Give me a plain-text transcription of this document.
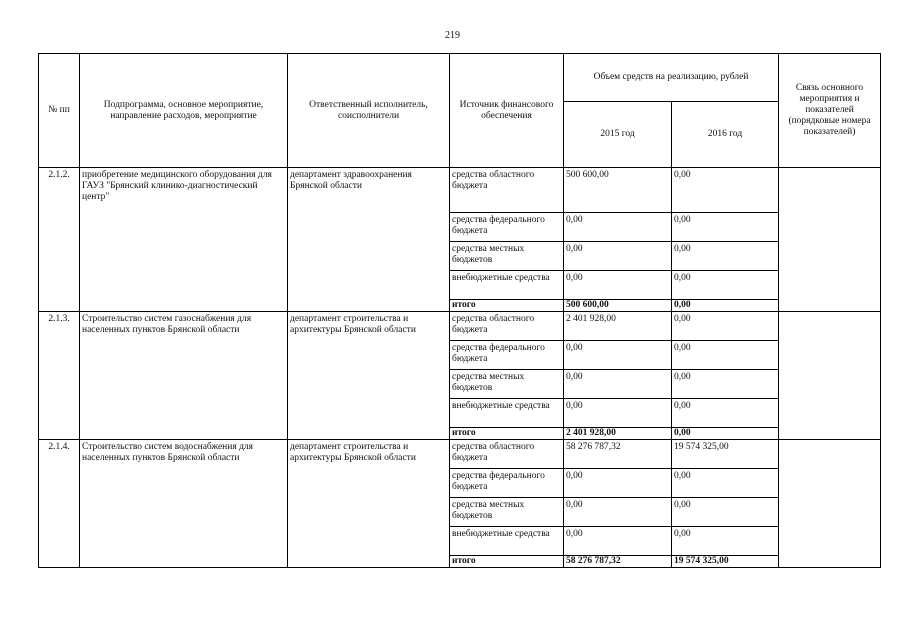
219
№ пп	Подпрограмма, основное мероприятие, направление расходов, мероприятие	Ответственный исполнитель, соисполнители	Источник финансового обеспечения	Объем средств на реализацию, рублей		Связь основного мероприятия и показателей (порядковые номера показателей)
				2015 год	2016 год	
2.1.2.	приобретение медицинского оборудования для ГАУЗ "Брянский клинико-диагностический центр"	департамент здравоохранения Брянской области	средства областного бюджета	500 600,00	0,00	
			средства федерального бюджета	0,00	0,00	
			средства местных бюджетов	0,00	0,00	
			внебюджетные средства	0,00	0,00	
			итого	500 600,00	0,00	
2.1.3.	Строительство систем газоснабжения для населенных пунктов Брянской области	департамент строительства и архитектуры Брянской области	средства областного бюджета	2 401 928,00	0,00	
			средства федерального бюджета	0,00	0,00	
			средства местных бюджетов	0,00	0,00	
			внебюджетные средства	0,00	0,00	
			итого	2 401 928,00	0,00	
2.1.4.	Строительство систем водоснабжения для населенных пунктов Брянской области	департамент строительства и архитектуры Брянской области	средства областного бюджета	58 276 787,32	19 574 325,00	
			средства федерального бюджета	0,00	0,00	
			средства местных бюджетов	0,00	0,00	
			внебюджетные средства	0,00	0,00	
			итого	58 276 787,32	19 574 325,00	
